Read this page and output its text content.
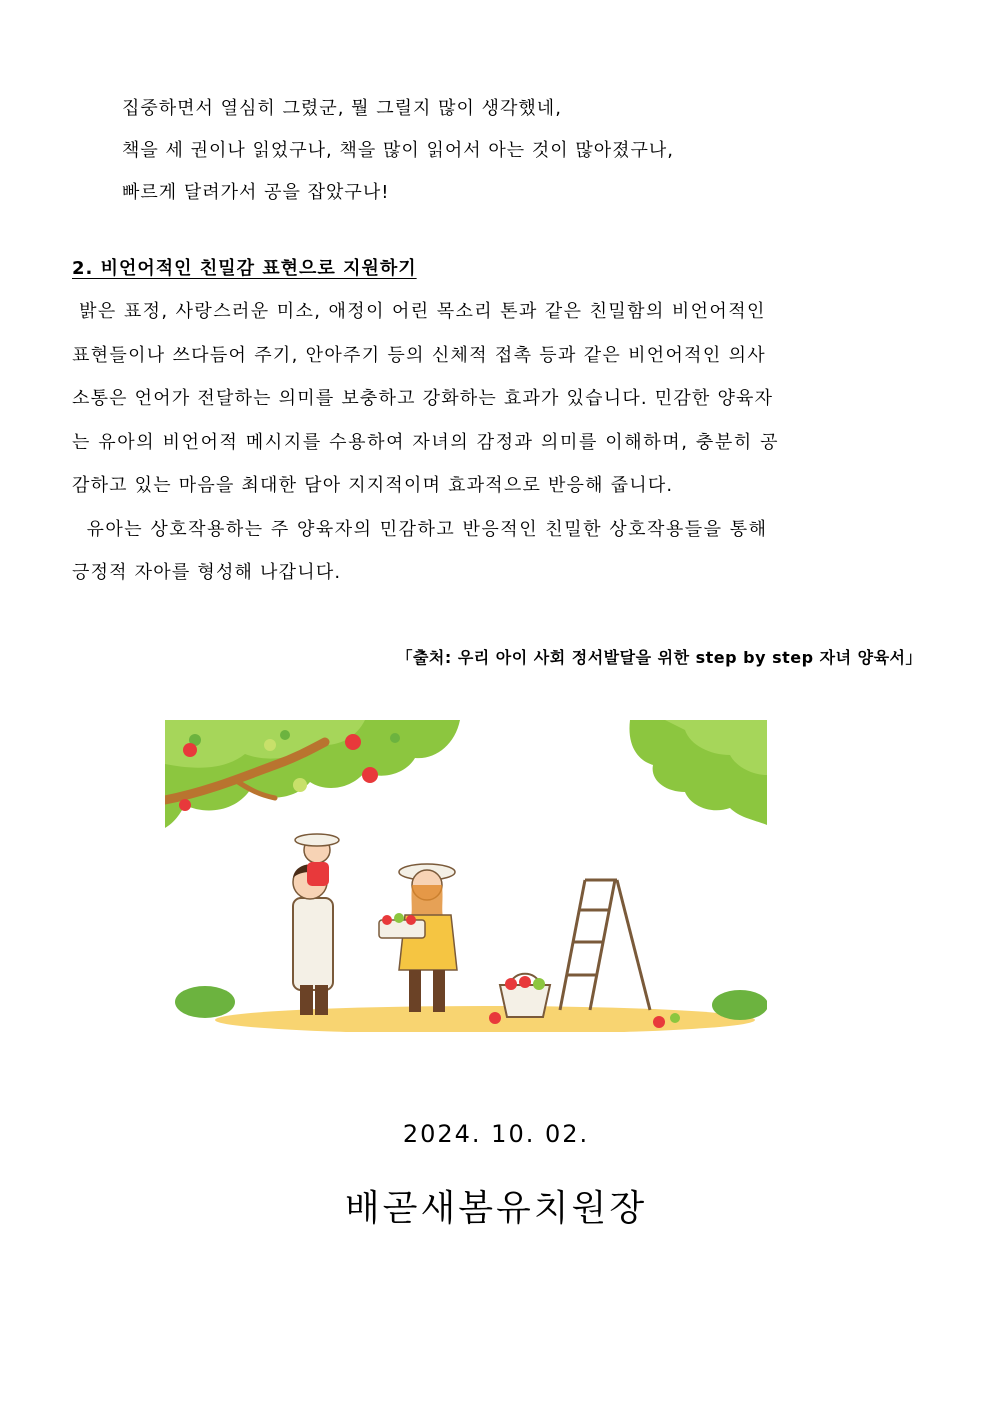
집중하면서 열심히 그렸군, 뭘 그릴지 많이 생각했네,

책을 세 권이나 읽었구나, 책을 많이 읽어서 아는 것이 많아졌구나,

빠르게 달려가서 공을 잡았구나!

2. 비언어적인 친밀감 표현으로 지원하기
밝은 표정, 사랑스러운 미소, 애정이 어린 목소리 톤과 같은 친밀함의 비언어적인
표현들이나 쓰다듬어 주기, 안아주기 등의 신체적 접촉 등과 같은 비언어적인 의사
소통은 언어가 전달하는 의미를 보충하고 강화하는 효과가 있습니다. 민감한 양육자
는 유아의 비언어적 메시지를 수용하여 자녀의 감정과 의미를 이해하며, 충분히 공
감하고 있는 마음을 최대한 담아 지지적이며 효과적으로 반응해 줍니다.
유아는 상호작용하는 주 양육자의 민감하고 반응적인 친밀한 상호작용들을 통해
긍정적 자아를 형성해 나갑니다.
「출처: 우리 아이 사회 정서발달을 위한 step by step 자녀 양육서」
2024. 10. 02.
배곧새봄유치원장
